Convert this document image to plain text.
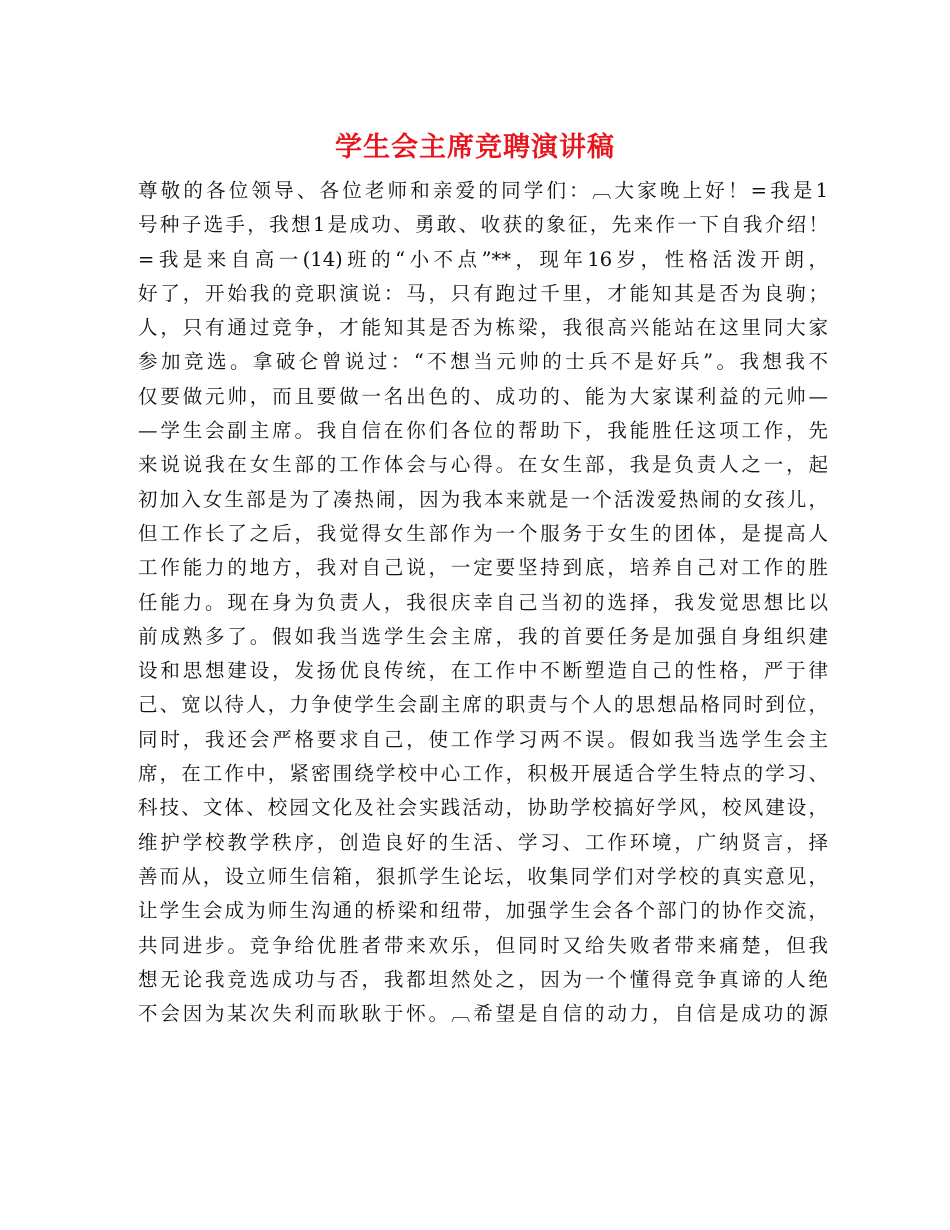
学生会主席竞聘演讲稿
尊敬的各位领导、各位老师和亲爱的同学们：︹大家晚上好！=我是1
号种子选手，我想1是成功、勇敢、收获的象征，先来作一下自我介绍！
=我是来自高一(14)班的“小不点”**，现年16岁，性格活泼开朗，
好了，开始我的竞职演说：马，只有跑过千里，才能知其是否为良驹；
人，只有通过竞争，才能知其是否为栋梁，我很高兴能站在这里同大家
参加竞选。拿破仑曾说过：“不想当元帅的士兵不是好兵”。我想我不
仅要做元帅，而且要做一名出色的、成功的、能为大家谋利益的元帅—
—学生会副主席。我自信在你们各位的帮助下，我能胜任这项工作，先
来说说我在女生部的工作体会与心得。在女生部，我是负责人之一，起
初加入女生部是为了凑热闹，因为我本来就是一个活泼爱热闹的女孩儿，
但工作长了之后，我觉得女生部作为一个服务于女生的团体，是提高人
工作能力的地方，我对自己说，一定要坚持到底，培养自己对工作的胜
任能力。现在身为负责人，我很庆幸自己当初的选择，我发觉思想比以
前成熟多了。假如我当选学生会主席，我的首要任务是加强自身组织建
设和思想建设，发扬优良传统，在工作中不断塑造自己的性格，严于律
己、宽以待人，力争使学生会副主席的职责与个人的思想品格同时到位，
同时，我还会严格要求自己，使工作学习两不误。假如我当选学生会主
席，在工作中，紧密围绕学校中心工作，积极开展适合学生特点的学习、
科技、文体、校园文化及社会实践活动，协助学校搞好学风，校风建设，
维护学校教学秩序，创造良好的生活、学习、工作环境，广纳贤言，择
善而从，设立师生信箱，狠抓学生论坛，收集同学们对学校的真实意见，
让学生会成为师生沟通的桥梁和纽带，加强学生会各个部门的协作交流，
共同进步。竞争给优胜者带来欢乐，但同时又给失败者带来痛楚，但我
想无论我竞选成功与否，我都坦然处之，因为一个懂得竞争真谛的人绝
不会因为某次失利而耿耿于怀。︹希望是自信的动力，自信是成功的源
